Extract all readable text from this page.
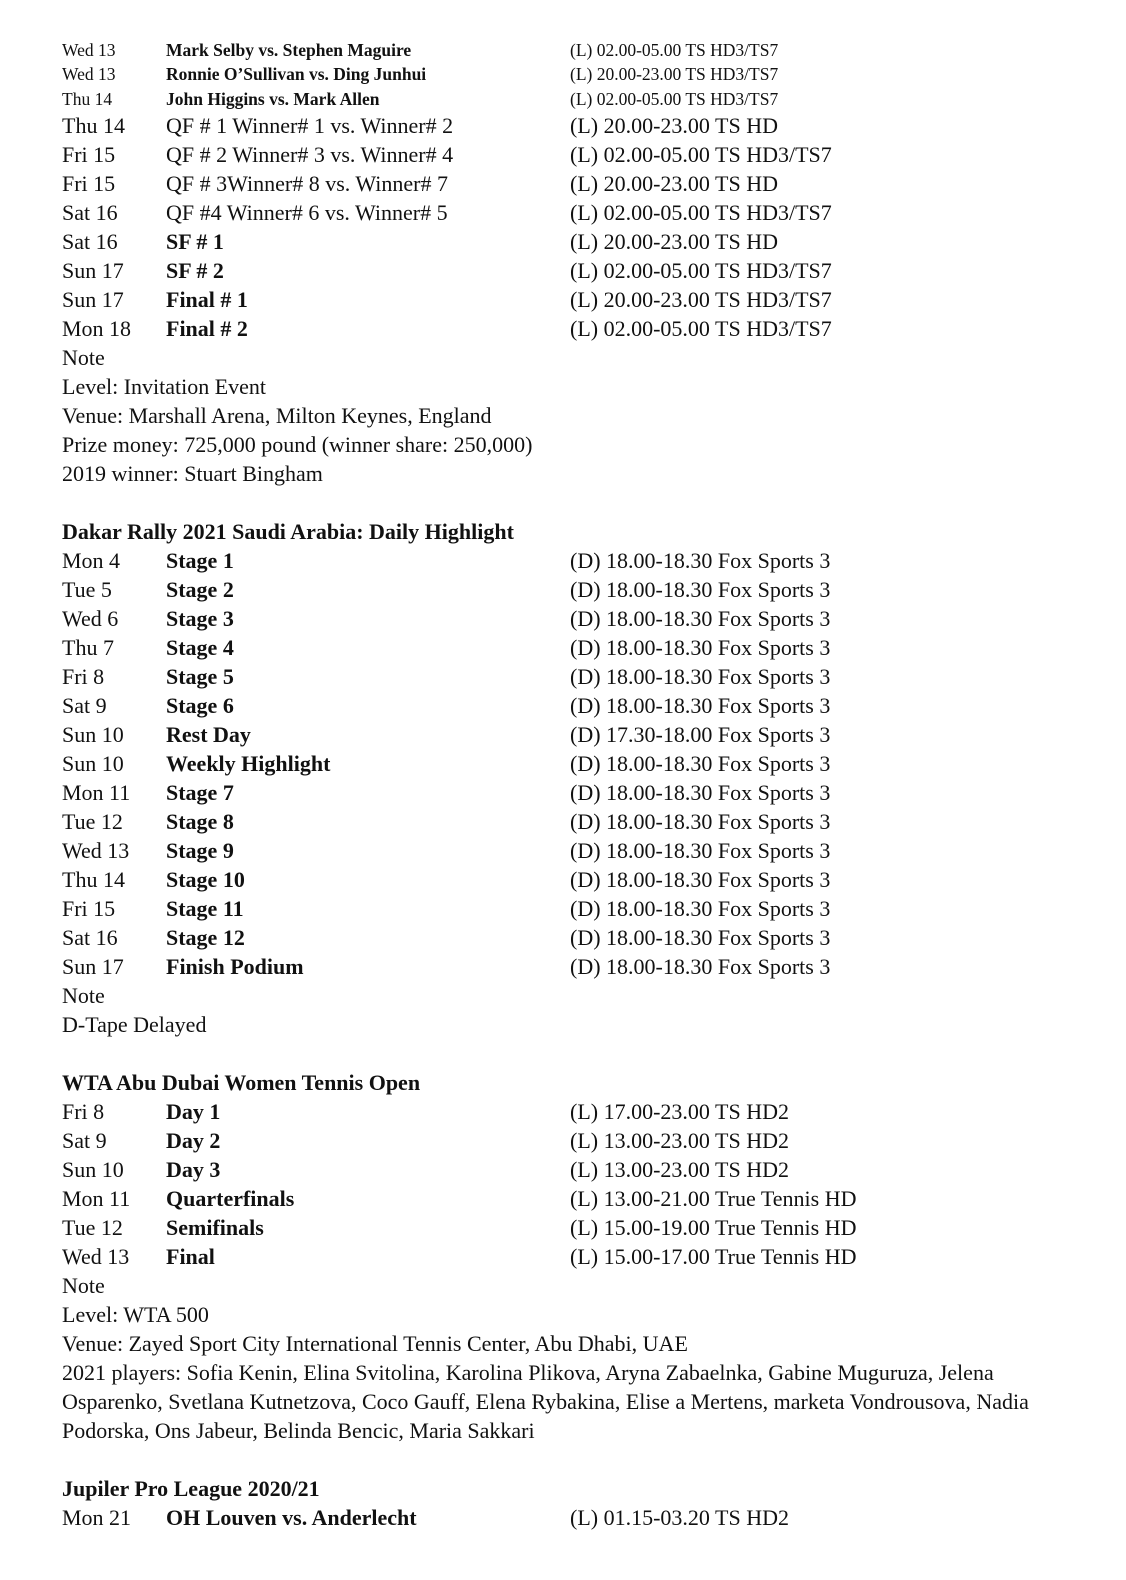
Wed 13	Mark Selby vs. Stephen Maguire	(L) 02.00-05.00 TS HD3/TS7
Wed 13	Ronnie O’Sullivan vs. Ding Junhui	(L) 20.00-23.00 TS HD3/TS7
Thu 14	John Higgins vs. Mark Allen	(L) 02.00-05.00 TS HD3/TS7
Thu 14 QF # 1 Winner# 1 vs. Winner# 2	(L) 20.00-23.00 TS HD
Fri 15 QF # 2 Winner# 3 vs. Winner# 4	(L) 02.00-05.00 TS HD3/TS7
Fri 15 QF # 3Winner# 8 vs. Winner# 7	(L) 20.00-23.00 TS HD
Sat 16 QF #4 Winner# 6 vs. Winner# 5	(L) 02.00-05.00 TS HD3/TS7
Sat 16 SF # 1	(L) 20.00-23.00 TS HD
Sun 17 SF # 2	(L) 02.00-05.00 TS HD3/TS7
Sun 17 Final # 1	(L) 20.00-23.00 TS HD3/TS7
Mon 18 Final # 2	(L) 02.00-05.00 TS HD3/TS7
Note
Level: Invitation Event
Venue: Marshall Arena, Milton Keynes, England
Prize money: 725,000 pound (winner share: 250,000)
2019 winner: Stuart Bingham
Dakar Rally 2021 Saudi Arabia: Daily Highlight
Mon 4 Stage 1	(D) 18.00-18.30 Fox Sports 3
Tue 5 Stage 2	(D) 18.00-18.30 Fox Sports 3
Wed 6 Stage 3	(D) 18.00-18.30 Fox Sports 3
Thu 7 Stage 4	(D) 18.00-18.30 Fox Sports 3
Fri 8	Stage 5	(D) 18.00-18.30 Fox Sports 3
Sat 9	Stage 6	(D) 18.00-18.30 Fox Sports 3
Sun 10 Rest Day	(D) 17.30-18.00 Fox Sports 3
Sun 10 Weekly Highlight	(D) 18.00-18.30 Fox Sports 3
Mon 11 Stage 7	(D) 18.00-18.30 Fox Sports 3
Tue 12 Stage 8	(D) 18.00-18.30 Fox Sports 3
Wed 13 Stage 9	(D) 18.00-18.30 Fox Sports 3
Thu 14 Stage 10	(D) 18.00-18.30 Fox Sports 3
Fri 15 Stage 11	(D) 18.00-18.30 Fox Sports 3
Sat 16 Stage 12	(D) 18.00-18.30 Fox Sports 3
Sun 17 Finish Podium	(D) 18.00-18.30 Fox Sports 3
Note
D-Tape Delayed
WTA Abu Dubai Women Tennis Open
Fri 8	Day 1	(L) 17.00-23.00 TS HD2
Sat 9	Day 2	(L) 13.00-23.00 TS HD2
Sun 10 Day 3	(L) 13.00-23.00 TS HD2
Mon 11 Quarterfinals	(L) 13.00-21.00 True Tennis HD
Tue 12 Semifinals	(L) 15.00-19.00 True Tennis HD
Wed 13 Final	(L) 15.00-17.00 True Tennis HD
Note
Level: WTA 500
Venue: Zayed Sport City International Tennis Center, Abu Dhabi, UAE
2021 players: Sofia Kenin, Elina Svitolina, Karolina Plikova, Aryna Zabaelnka, Gabine Muguruza, Jelena Osparenko, Svetlana Kutnetzova, Coco Gauff, Elena Rybakina, Elise a Mertens, marketa Vondrousova, Nadia Podorska, Ons Jabeur, Belinda Bencic, Maria Sakkari
Jupiler Pro League 2020/21
Mon 21 OH Louven vs. Anderlecht	(L) 01.15-03.20 TS HD2
